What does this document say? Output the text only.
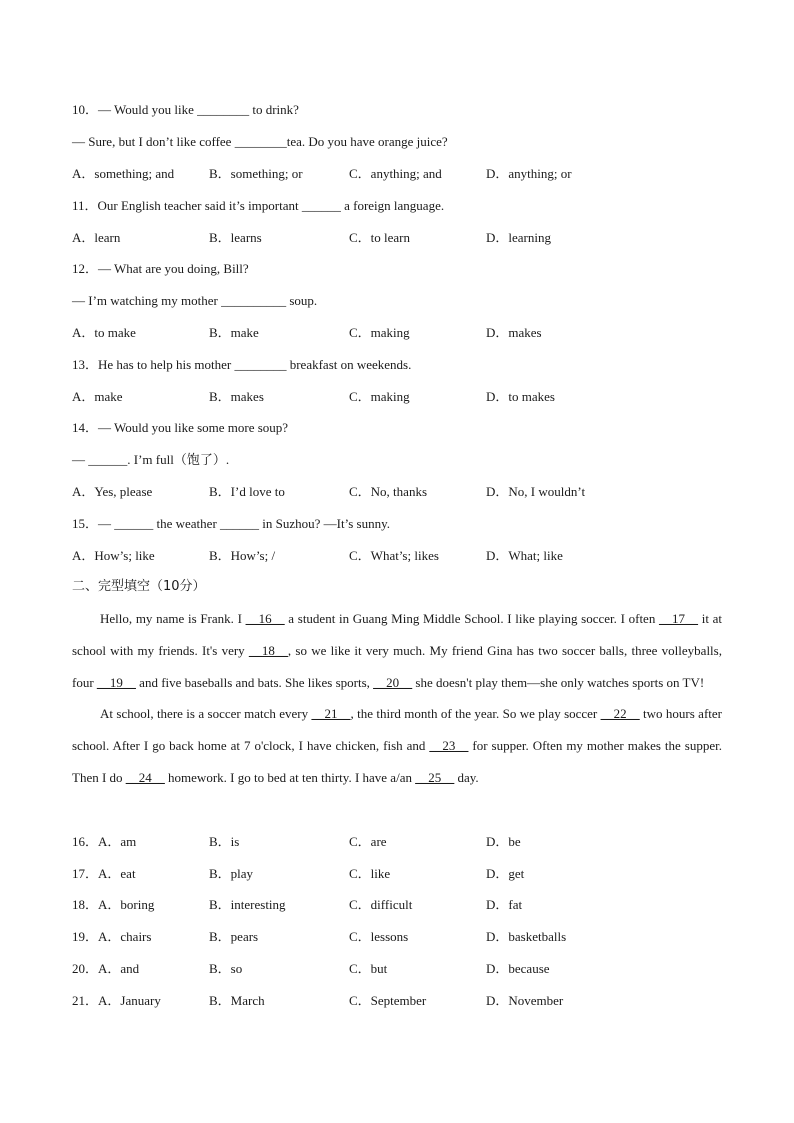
10．— Would you like ________ to drink?
— Sure, but I don’t like coffee ________tea. Do you have orange juice?
A．something; and	B．something; or	C．anything; and	D．anything; or
11．Our English teacher said it’s important ______ a foreign language.
A．learn	B．learns	C．to learn	D．learning
12．— What are you doing, Bill?
— I’m watching my mother __________ soup.
A．to make	B．make	C．making	D．makes
13．He has to help his mother ________ breakfast on weekends.
A．make	B．makes	C．making	D．to makes
14．— Would you like some more soup?
— ______. I’m full（饱了）.
A．Yes, please	B．I’d love to	C．No, thanks	D．No, I wouldn’t
15．— ______ the weather ______ in Suzhou? —It’s sunny.
A．How’s; like	B．How’s; /	C．What’s; likes	D．What; like
二、完型填空（10分）

Hello, my name is Frank. I __16__ a student in Guang Ming Middle School. I like playing soccer. I often __17__ it at school with my friends. It's very __18__, so we like it very much. My friend Gina has two soccer balls, three volleyballs, four __19__ and five baseballs and bats. She likes sports, __20__ she doesn't play them—she only watches sports on TV!

At school, there is a soccer match every __21__, the third month of the year. So we play soccer __22__ two hours after school. After I go back home at 7 o'clock, I have chicken, fish and __23__ for supper. Often my mother makes the supper. Then I do __24__ homework. I go to bed at ten thirty. I have a/an __25__ day.

16．A．am	B．is	C．are	D．be
17．A．eat	B．play	C．like	D．get
18．A．boring	B．interesting	C．difficult	D．fat
19．A．chairs	B．pears	C．lessons	D．basketballs
20．A．and	B．so	C．but	D．because
21．A．January	B．March	C．September	D．November
